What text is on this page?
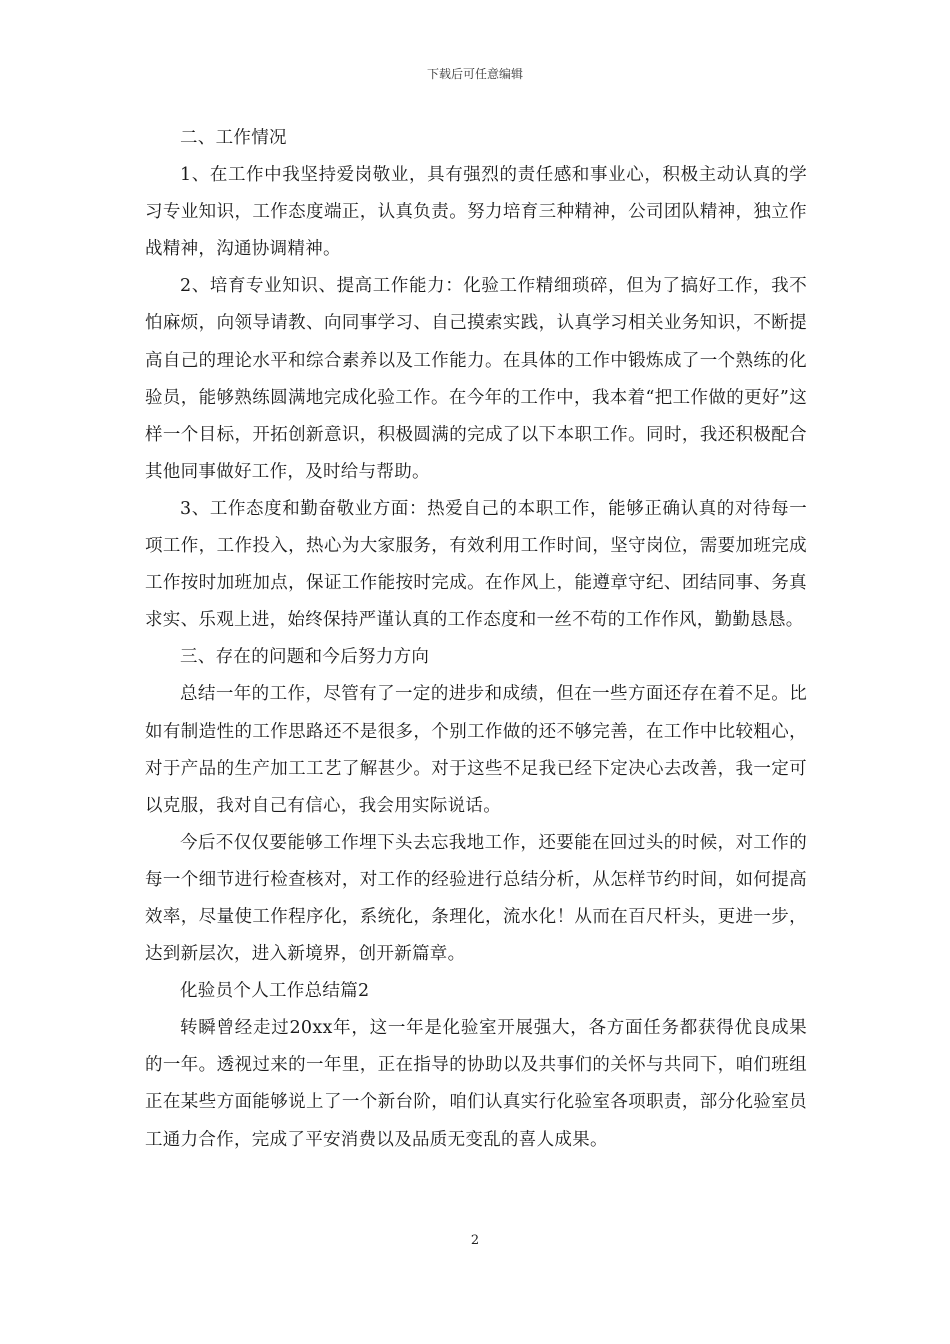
下载后可任意编辑

二、工作情况

1、在工作中我坚持爱岗敬业，具有强烈的责任感和事业心，积极主动认真的学习专业知识，工作态度端正，认真负责。努力培育三种精神，公司团队精神，独立作战精神，沟通协调精神。

2、培育专业知识、提高工作能力：化验工作精细琐碎，但为了搞好工作，我不怕麻烦，向领导请教、向同事学习、自己摸索实践，认真学习相关业务知识，不断提高自己的理论水平和综合素养以及工作能力。在具体的工作中锻炼成了一个熟练的化验员，能够熟练圆满地完成化验工作。在今年的工作中，我本着“把工作做的更好”这样一个目标，开拓创新意识，积极圆满的完成了以下本职工作。同时，我还积极配合其他同事做好工作，及时给与帮助。

3、工作态度和勤奋敬业方面：热爱自己的本职工作，能够正确认真的对待每一项工作，工作投入，热心为大家服务，有效利用工作时间，坚守岗位，需要加班完成工作按时加班加点，保证工作能按时完成。在作风上，能遵章守纪、团结同事、务真求实、乐观上进，始终保持严谨认真的工作态度和一丝不苟的工作作风，勤勤恳恳。

三、存在的问题和今后努力方向

总结一年的工作，尽管有了一定的进步和成绩，但在一些方面还存在着不足。比如有制造性的工作思路还不是很多，个别工作做的还不够完善，在工作中比较粗心，对于产品的生产加工工艺了解甚少。对于这些不足我已经下定决心去改善，我一定可以克服，我对自己有信心，我会用实际说话。

今后不仅仅要能够工作埋下头去忘我地工作，还要能在回过头的时候，对工作的每一个细节进行检查核对，对工作的经验进行总结分析，从怎样节约时间，如何提高效率，尽量使工作程序化，系统化，条理化，流水化！从而在百尺杆头，更进一步，达到新层次，进入新境界，创开新篇章。

化验员个人工作总结篇2

转瞬曾经走过20xx年，这一年是化验室开展强大，各方面任务都获得优良成果的一年。透视过来的一年里，正在指导的协助以及共事们的关怀与共同下，咱们班组正在某些方面能够说上了一个新台阶，咱们认真实行化验室各项职责，部分化验室员工通力合作，完成了平安消费以及品质无变乱的喜人成果。

2
